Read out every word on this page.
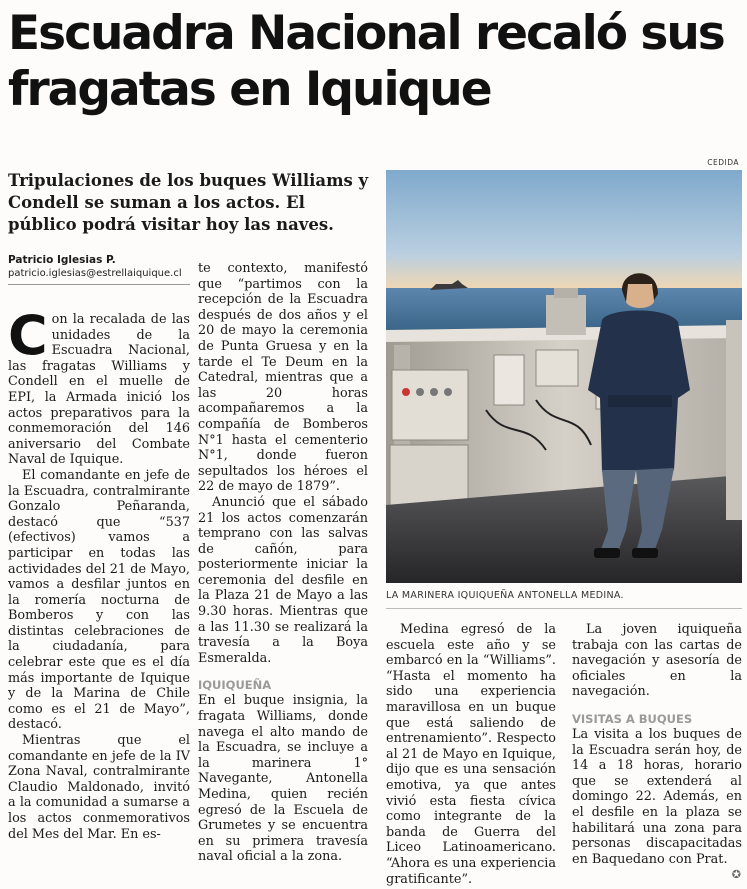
Escuadra Nacional recaló sus fragatas en Iquique
CEDIDA
Tripulaciones de los buques Williams y Condell se suman a los actos. El público podrá visitar hoy las naves.
Patricio Iglesias P.
patricio.iglesias@estrellaiquique.cl

Con la recalada de las unidades de la Escuadra Nacional, las fragatas Williams y Condell en el muelle de EPI, la Armada inició los actos preparativos para la conmemoración del 146 aniversario del Combate Naval de Iquique.

El comandante en jefe de la Escuadra, contralmirante Gonzalo Peñaranda, destacó que “537 (efectivos) vamos a participar en todas las actividades del 21 de Mayo, vamos a desfilar juntos en la romería nocturna de Bomberos y con las distintas celebraciones de la ciudadanía, para celebrar este que es el día más importante de Iquique y de la Marina de Chile como es el 21 de Mayo”, destacó.

Mientras que el comandante en jefe de la IV Zona Naval, contralmirante Claudio Maldonado, invitó a la comunidad a sumarse a los actos conmemorativos del Mes del Mar. En es-

te contexto, manifestó que “partimos con la recepción de la Escuadra después de dos años y el 20 de mayo la ceremonia de Punta Gruesa y en la tarde el Te Deum en la Catedral, mientras que a las 20 horas acompañaremos a la compañía de Bomberos N°1 hasta el cementerio N°1, donde fueron sepultados los héroes el 22 de mayo de 1879”.

Anunció que el sábado 21 los actos comenzarán temprano con las salvas de cañón, para posteriormente iniciar la ceremonia del desfile en la Plaza 21 de Mayo a las 9.30 horas. Mientras que a las 11.30 se realizará la travesía a la Boya Esmeralda.

IQUIQUEÑA

En el buque insignia, la fragata Williams, donde navega el alto mando de la Escuadra, se incluye a la marinera 1° Navegante, Antonella Medina, quien recién egresó de la Escuela de Grumetes y se encuentra en su primera travesía naval oficial a la zona.

LA MARINERA IQUIQUEÑA ANTONELLA MEDINA.

Medina egresó de la escuela este año y se embarcó en la “Williams”. “Hasta el momento ha sido una experiencia maravillosa en un buque que está saliendo de entrenamiento”. Respecto al 21 de Mayo en Iquique, dijo que es una sensación emotiva, ya que antes vivió esta fiesta cívica como integrante de la banda de Guerra del Liceo Latinoamericano. “Ahora es una experiencia gratificante”.

La joven iquiqueña trabaja con las cartas de navegación y asesoría de oficiales en la navegación.

VISITAS A BUQUES

La visita a los buques de la Escuadra serán hoy, de 14 a 18 horas, horario que se extenderá al domingo 22. Además, en el desfile en la plaza se habilitará una zona para personas discapacitadas en Baquedano con Prat.

✪
